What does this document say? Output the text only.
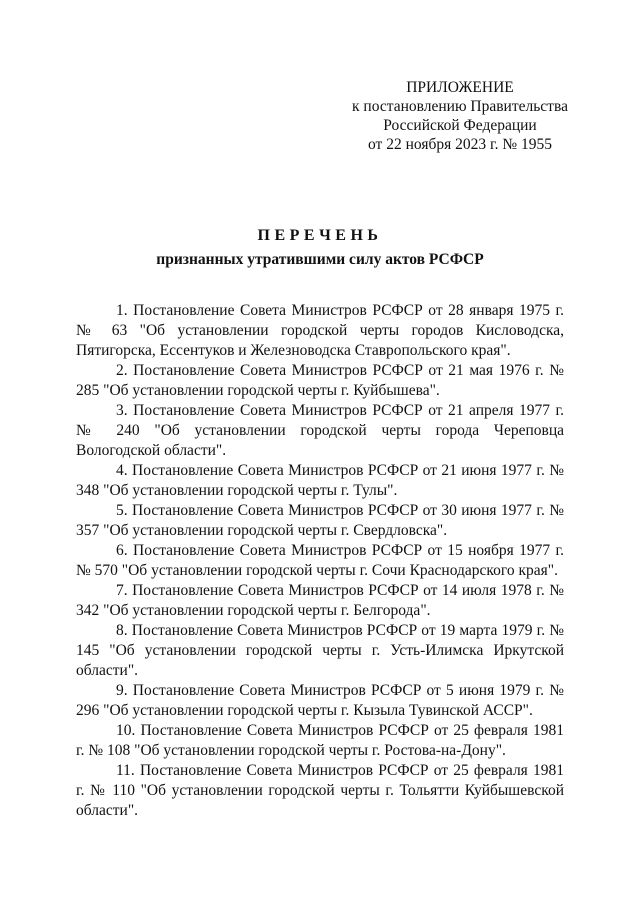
ПРИЛОЖЕНИЕ
к постановлению Правительства
Российской Федерации
от 22 ноября 2023 г. № 1955
ПЕРЕЧЕНЬ
признанных утратившими силу актов РСФСР

1. Постановление Совета Министров РСФСР от 28 января 1975 г. № 63 "Об установлении городской черты городов Кисловодска, Пятигорска, Ессентуков и Железноводска Ставропольского края".

2. Постановление Совета Министров РСФСР от 21 мая 1976 г. № 285 "Об установлении городской черты г. Куйбышева".

3. Постановление Совета Министров РСФСР от 21 апреля 1977 г. № 240 "Об установлении городской черты города Череповца Вологодской области".

4. Постановление Совета Министров РСФСР от 21 июня 1977 г. № 348 "Об установлении городской черты г. Тулы".

5. Постановление Совета Министров РСФСР от 30 июня 1977 г. № 357 "Об установлении городской черты г. Свердловска".

6. Постановление Совета Министров РСФСР от 15 ноября 1977 г. № 570 "Об установлении городской черты г. Сочи Краснодарского края".

7. Постановление Совета Министров РСФСР от 14 июля 1978 г. № 342 "Об установлении городской черты г. Белгорода".

8. Постановление Совета Министров РСФСР от 19 марта 1979 г. № 145 "Об установлении городской черты г. Усть-Илимска Иркутской области".

9. Постановление Совета Министров РСФСР от 5 июня 1979 г. № 296 "Об установлении городской черты г. Кызыла Тувинской АССР".

10. Постановление Совета Министров РСФСР от 25 февраля 1981 г. № 108 "Об установлении городской черты г. Ростова-на-Дону".

11. Постановление Совета Министров РСФСР от 25 февраля 1981 г. № 110 "Об установлении городской черты г. Тольятти Куйбышевской области".
